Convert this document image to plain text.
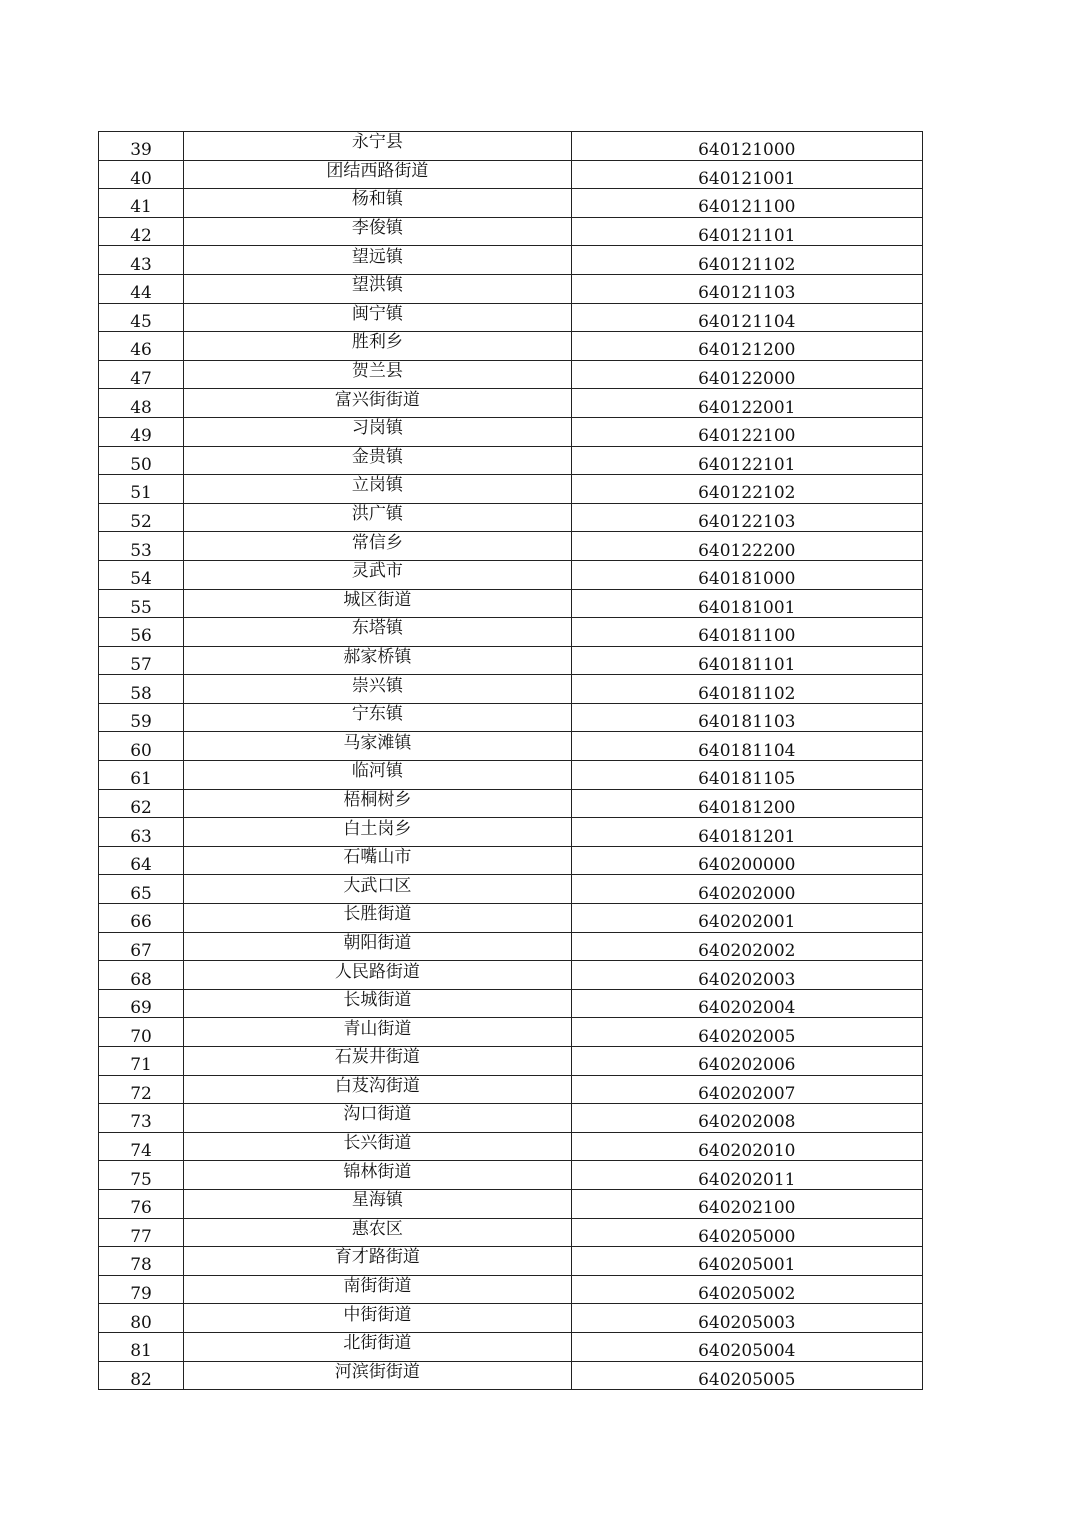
39	永宁县	640121000
40	团结西路街道	640121001
41	杨和镇	640121100
42	李俊镇	640121101
43	望远镇	640121102
44	望洪镇	640121103
45	闽宁镇	640121104
46	胜利乡	640121200
47	贺兰县	640122000
48	富兴街街道	640122001
49	习岗镇	640122100
50	金贵镇	640122101
51	立岗镇	640122102
52	洪广镇	640122103
53	常信乡	640122200
54	灵武市	640181000
55	城区街道	640181001
56	东塔镇	640181100
57	郝家桥镇	640181101
58	崇兴镇	640181102
59	宁东镇	640181103
60	马家滩镇	640181104
61	临河镇	640181105
62	梧桐树乡	640181200
63	白土岗乡	640181201
64	石嘴山市	640200000
65	大武口区	640202000
66	长胜街道	640202001
67	朝阳街道	640202002
68	人民路街道	640202003
69	长城街道	640202004
70	青山街道	640202005
71	石炭井街道	640202006
72	白芨沟街道	640202007
73	沟口街道	640202008
74	长兴街道	640202010
75	锦林街道	640202011
76	星海镇	640202100
77	惠农区	640205000
78	育才路街道	640205001
79	南街街道	640205002
80	中街街道	640205003
81	北街街道	640205004
82	河滨街街道	640205005
